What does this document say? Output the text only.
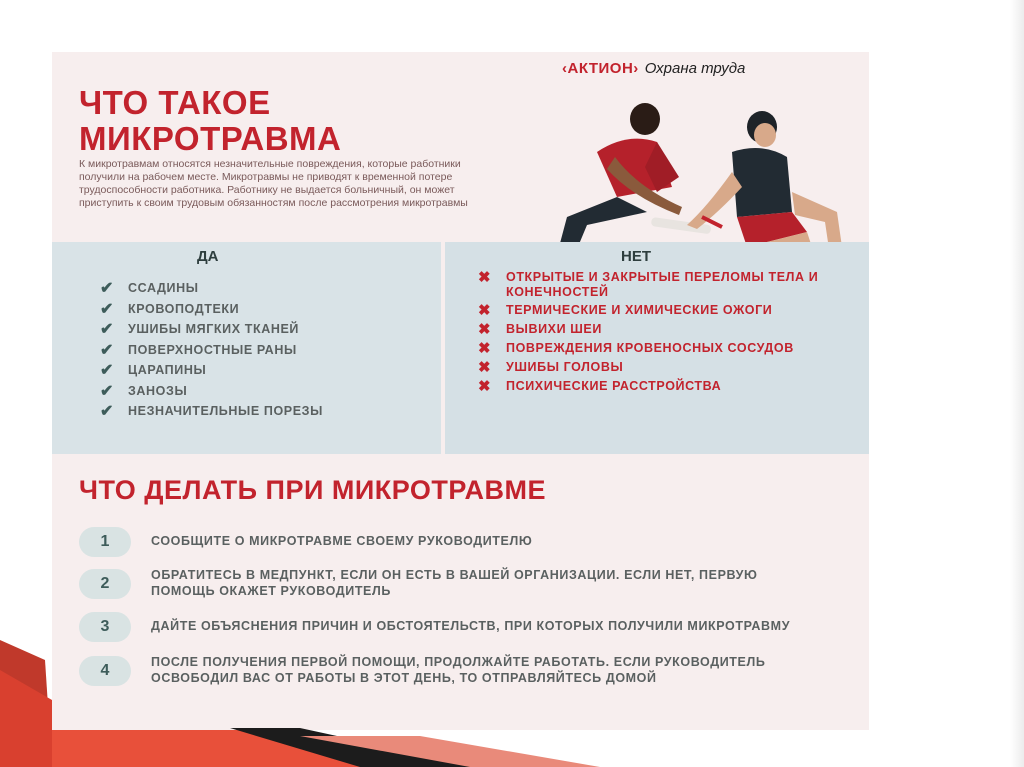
‹АКТИОН› Охрана труда
ЧТО ТАКОЕ
МИКРОТРАВМА
К микротравмам относятся незначительные повреждения, которые работники получили на рабочем месте. Микротравмы не приводят к временной потере трудоспособности работника. Работнику не выдается больничный, он может приступить к своим трудовым обязанностям после рассмотрения микротравмы
ДА
✔	ССАДИНЫ
✔	КРОВОПОДТЕКИ
✔	УШИБЫ МЯГКИХ ТКАНЕЙ
✔	ПОВЕРХНОСТНЫЕ РАНЫ
✔	ЦАРАПИНЫ
✔	ЗАНОЗЫ
✔	НЕЗНАЧИТЕЛЬНЫЕ ПОРЕЗЫ
НЕТ
✖	ОТКРЫТЫЕ И ЗАКРЫТЫЕ ПЕРЕЛОМЫ ТЕЛА И КОНЕЧНОСТЕЙ
✖	ТЕРМИЧЕСКИЕ И ХИМИЧЕСКИЕ ОЖОГИ
✖	ВЫВИХИ ШЕИ
✖	ПОВРЕЖДЕНИЯ КРОВЕНОСНЫХ СОСУДОВ
✖	УШИБЫ ГОЛОВЫ
✖	ПСИХИЧЕСКИЕ РАССТРОЙСТВА
ЧТО ДЕЛАТЬ ПРИ МИКРОТРАВМЕ
1	СООБЩИТЕ О МИКРОТРАВМЕ СВОЕМУ РУКОВОДИТЕЛЮ
2	ОБРАТИТЕСЬ В МЕДПУНКТ, ЕСЛИ ОН ЕСТЬ В ВАШЕЙ ОРГАНИЗАЦИИ. ЕСЛИ НЕТ, ПЕРВУЮ ПОМОЩЬ ОКАЖЕТ РУКОВОДИТЕЛЬ
3	ДАЙТЕ ОБЪЯСНЕНИЯ ПРИЧИН И ОБСТОЯТЕЛЬСТВ, ПРИ КОТОРЫХ ПОЛУЧИЛИ МИКРОТРАВМУ
4	ПОСЛЕ ПОЛУЧЕНИЯ ПЕРВОЙ ПОМОЩИ, ПРОДОЛЖАЙТЕ РАБОТАТЬ. ЕСЛИ РУКОВОДИТЕЛЬ ОСВОБОДИЛ ВАС ОТ РАБОТЫ В ЭТОТ ДЕНЬ, ТО ОТПРАВЛЯЙТЕСЬ ДОМОЙ
